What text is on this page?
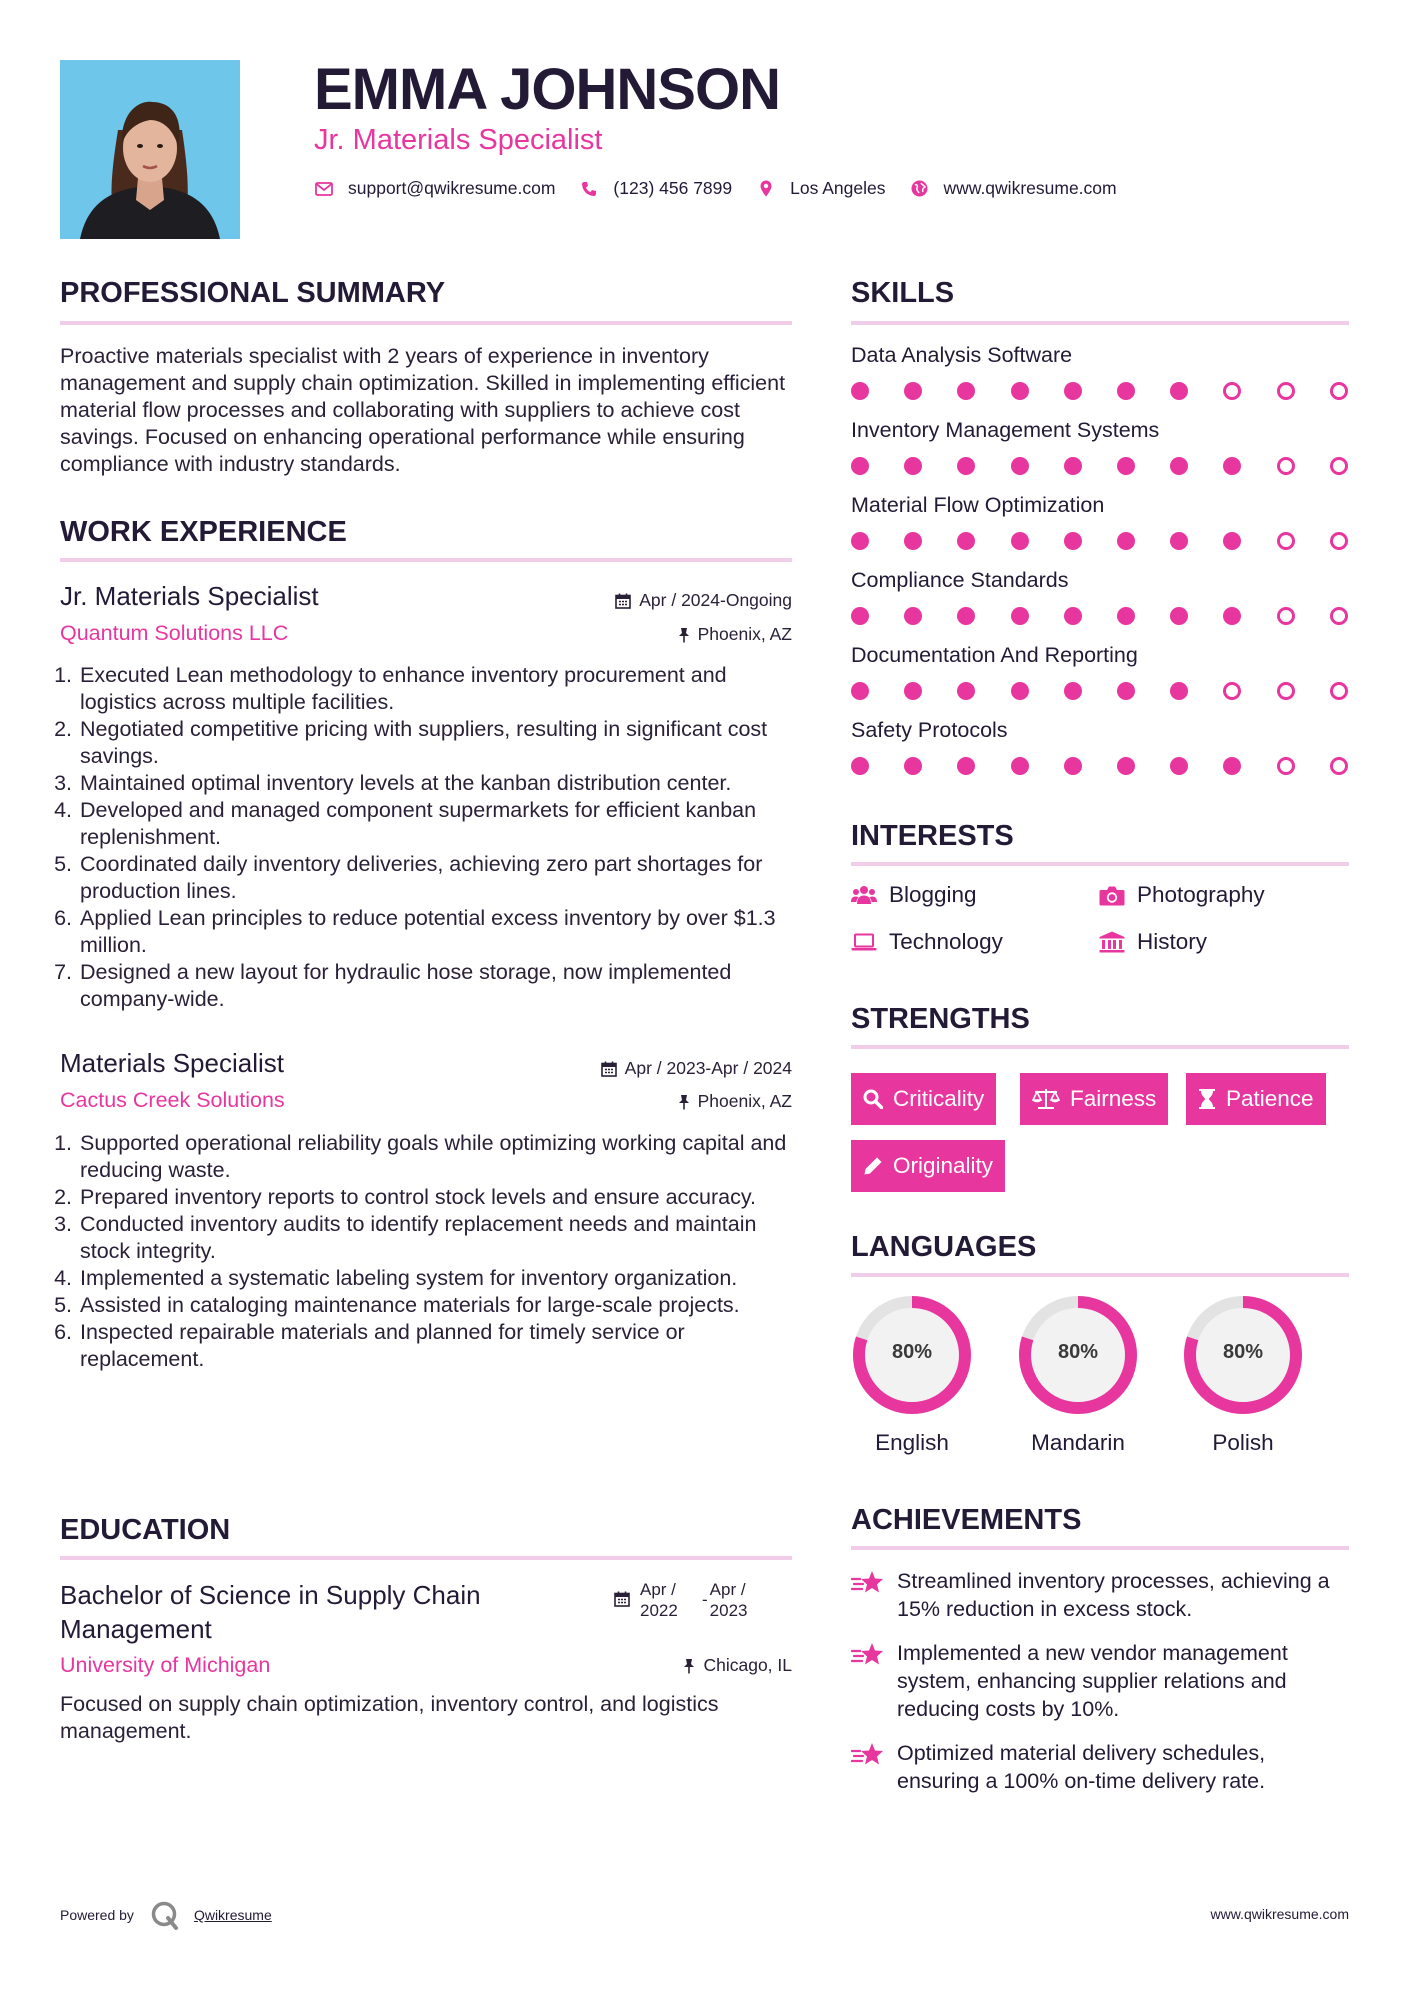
EMMA JOHNSON
Jr. Materials Specialist
support@qwikresume.com	(123) 456 7899	Los Angeles	www.qwikresume.com
PROFESSIONAL SUMMARY
Proactive materials specialist with 2 years of experience in inventory management and supply chain optimization. Skilled in implementing efficient material flow processes and collaborating with suppliers to achieve cost savings. Focused on enhancing operational performance while ensuring compliance with industry standards.
WORK EXPERIENCE
Jr. Materials Specialist	Apr / 2024-Ongoing
Quantum Solutions LLC	Phoenix, AZ
1. Executed Lean methodology to enhance inventory procurement and logistics across multiple facilities.
2. Negotiated competitive pricing with suppliers, resulting in significant cost savings.
3. Maintained optimal inventory levels at the kanban distribution center.
4. Developed and managed component supermarkets for efficient kanban replenishment.
5. Coordinated daily inventory deliveries, achieving zero part shortages for production lines.
6. Applied Lean principles to reduce potential excess inventory by over $1.3 million.
7. Designed a new layout for hydraulic hose storage, now implemented company-wide.
Materials Specialist	Apr / 2023-Apr / 2024
Cactus Creek Solutions	Phoenix, AZ
1. Supported operational reliability goals while optimizing working capital and reducing waste.
2. Prepared inventory reports to control stock levels and ensure accuracy.
3. Conducted inventory audits to identify replacement needs and maintain stock integrity.
4. Implemented a systematic labeling system for inventory organization.
5. Assisted in cataloging maintenance materials for large-scale projects.
6. Inspected repairable materials and planned for timely service or replacement.
EDUCATION
Bachelor of Science in Supply Chain Management
Apr /
2022
-
Apr /
2023
University of Michigan	Chicago, IL
Focused on supply chain optimization, inventory control, and logistics management.
SKILLS
Data Analysis Software
Inventory Management Systems
Material Flow Optimization
Compliance Standards
Documentation And Reporting
Safety Protocols
INTERESTS
Blogging	Photography
Technology	History
STRENGTHS
Criticality	Fairness	Patience
Originality
LANGUAGES
80%
English
80%
Mandarin
80%
Polish
ACHIEVEMENTS
Streamlined inventory processes, achieving a 15% reduction in excess stock.
Implemented a new vendor management system, enhancing supplier relations and reducing costs by 10%.
Optimized material delivery schedules, ensuring a 100% on-time delivery rate.
Powered by	Qwikresume	www.qwikresume.com
